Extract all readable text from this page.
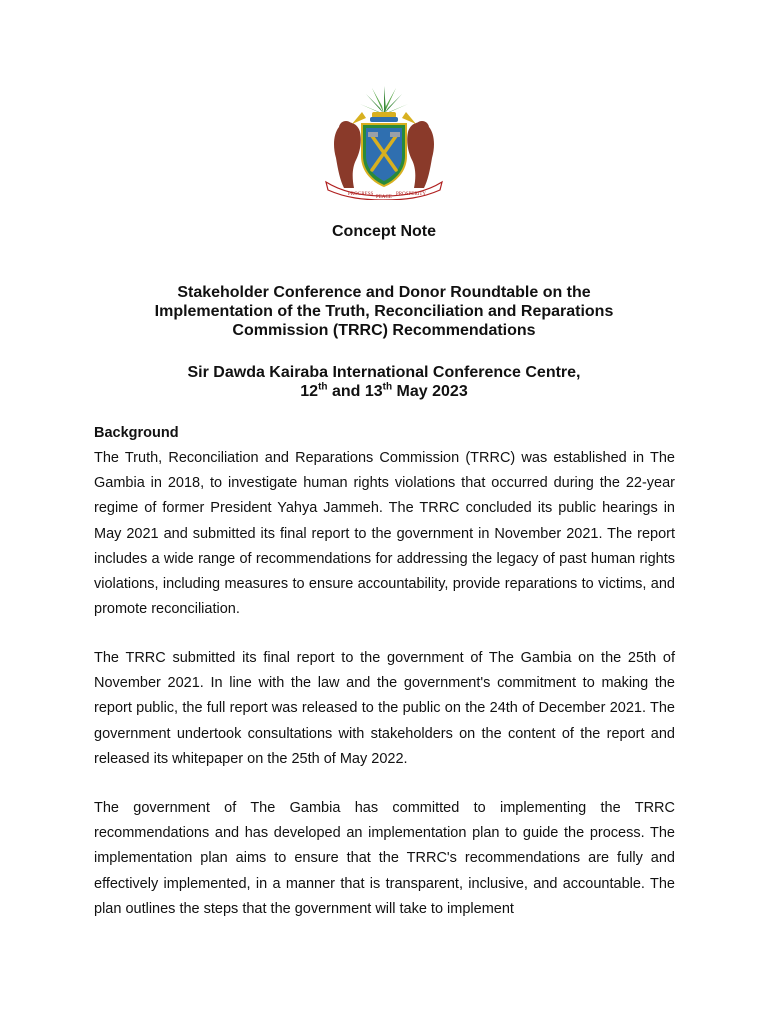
PROGRESS
PEACE
PROSPERITY
Concept Note
Stakeholder Conference and Donor Roundtable on the
Implementation of the Truth, Reconciliation and Reparations
Commission (TRRC) Recommendations
Sir Dawda Kairaba International Conference Centre,
12th and 13th May 2023
Background

The Truth, Reconciliation and Reparations Commission (TRRC) was established in The Gambia in 2018, to investigate human rights violations that occurred during the 22-year regime of former President Yahya Jammeh. The TRRC concluded its public hearings in May 2021 and submitted its final report to the government in November 2021. The report includes a wide range of recommendations for addressing the legacy of past human rights violations, including measures to ensure accountability, provide reparations to victims, and promote reconciliation.

The TRRC submitted its final report to the government of The Gambia on the 25th of November 2021. In line with the law and the government's commitment to making the report public, the full report was released to the public on the 24th of December 2021. The government undertook consultations with stakeholders on the content of the report and released its whitepaper on the 25th of May 2022.

The government of The Gambia has committed to implementing the TRRC recommendations and has developed an implementation plan to guide the process. The implementation plan aims to ensure that the TRRC's recommendations are fully and effectively implemented, in a manner that is transparent, inclusive, and accountable. The plan outlines the steps that the government will take to implement
